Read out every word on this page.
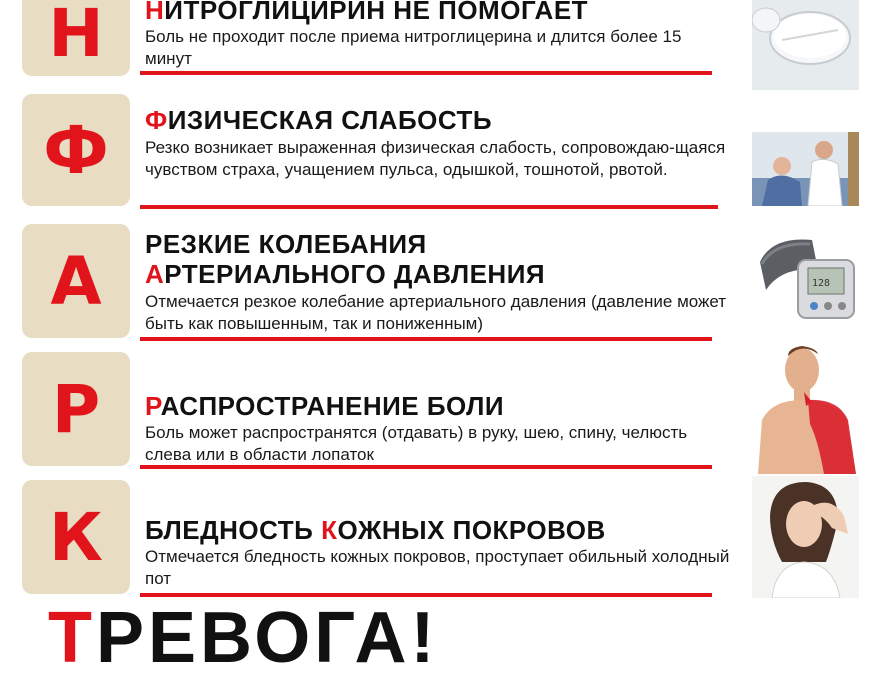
Н
Ф
А
Р
К
НИТРОГЛИЦИРИН НЕ ПОМОГАЕТ
Боль не проходит после приема нитроглицерина и длится более 15 минут
ФИЗИЧЕСКАЯ СЛАБОСТЬ
Резко возникает выраженная физическая слабость, сопровождаю-щаяся чувством страха, учащением пульса, одышкой, тошнотой, рвотой.
РЕЗКИЕ КОЛЕБАНИЯ
АРТЕРИАЛЬНОГО ДАВЛЕНИЯ
Отмечается резкое колебание артериального давления (давление может быть как повышенным, так и пониженным)
РАСПРОСТРАНЕНИЕ БОЛИ
Боль может распространятся (отдавать) в руку, шею, спину, челюсть слева или в области лопаток
БЛЕДНОСТЬ КОЖНЫХ ПОКРОВОВ
Отмечается бледность кожных покровов, проступает обильный холодный пот
ТРЕВОГА!
128
